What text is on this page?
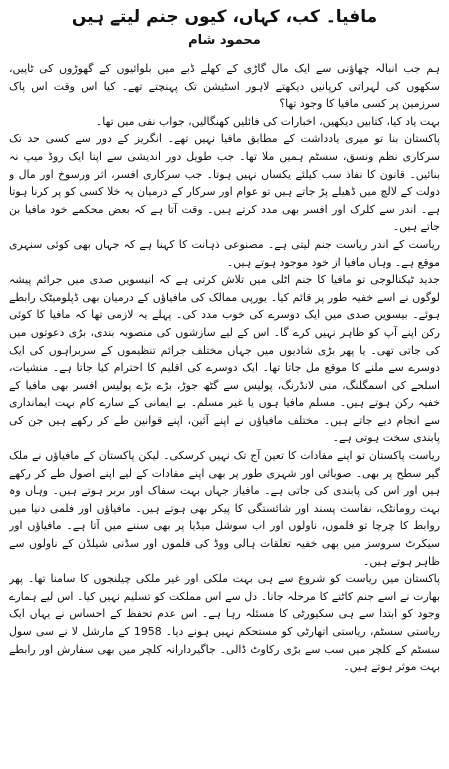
مافیا۔ کب، کہاں، کیوں جنم لیتے ہیں
محمود شام

ہم جب انبالہ چھاؤنی سے ایک مال گاڑی کے کھلے ڈبے میں بلوائیوں کے گھوڑوں کی ٹاپیں، سکھوں کی لہراتی کرپانیں دیکھتے لاہور اسٹیشن تک پہنچتے تھے۔ کیا اس وقت اس پاک سرزمین پر کسی مافیا کا وجود تھا؟

بہت یاد کیا، کتابیں دیکھیں، اخبارات کی فائلیں کھنگالیں، جواب نفی میں تھا۔

پاکستان بنا تو میری یادداشت کے مطابق مافیا نہیں تھے۔ انگریز کے دور سے کسی حد تک سرکاری نظم ونسق، سسٹم ہمیں ملا تھا۔ جب طویل دور اندیشی سے اپنا ایک روڈ میپ نہ بنائیں۔ قانون کا نفاذ سب کیلئے یکساں نہیں ہوتا۔ جب سرکاری افسر، اثر ورسوخ اور مال و دولت کے لالچ میں ڈھیلے پڑ جاتے ہیں تو عوام اور سرکار کے درمیان یہ خلا کسی کو پر کرنا ہوتا ہے۔ اندر سے کلرک اور افسر بھی مدد کرتے ہیں۔ وقت آتا ہے کہ بعض محکمے خود مافیا بن جاتے ہیں۔

ریاست کے اندر ریاست جنم لیتی ہے۔ مصنوعی ذہانت کا کہنا ہے کہ جہاں بھی کوئی سنہری موقع ہے۔ وہاں مافیا از خود موجود ہوتے ہیں۔

جدید ٹیکنالوجی تو مافیا کا جنم اٹلی میں تلاش کرتی ہے کہ انیسویں صدی میں جرائم پیشہ لوگوں نے اسے خفیہ طور پر قائم کیا۔ یورپی ممالک کی مافیاؤں کے درمیان بھی ڈپلومیٹک رابطے ہوئے۔ بیسویں صدی میں ایک دوسرے کی خوب مدد کی۔ پہلے یہ لازمی تھا کہ مافیا کا کوئی رکن اپنے آپ کو ظاہر نہیں کرے گا۔ اس کے لیے سازشوں کی منصوبہ بندی، بڑی دعوتوں میں کی جاتی تھی۔ یا پھر بڑی شادیوں میں جہاں مختلف جرائم تنظیموں کے سربراہوں کی ایک دوسرے سے ملنے کا موقع مل جاتا تھا۔ ایک دوسرے کی اقلیم کا احترام کیا جاتا ہے۔ منشیات، اسلحے کی اسمگلنگ، منی لانڈرنگ، پولیس سے گٹھ جوڑ، بڑے بڑے پولیس افسر بھی مافیا کے خفیہ رکن ہوتے ہیں۔ مسلم مافیا ہوں یا غیر مسلم۔ بے ایمانی کے سارے کام بہت ایمانداری سے انجام دیے جاتے ہیں۔ مختلف مافیاؤں نے اپنے آئین، اپنے قوانین طے کر رکھے ہیں جن کی پابندی سخت ہوتی ہے۔

ریاست پاکستان تو اپنے مفادات کا تعین آج تک نہیں کرسکی۔ لیکن پاکستان کے مافیاؤں نے ملک گیر سطح پر بھی۔ صوبائی اور شہری طور پر بھی اپنے مفادات کے لیے اپنے اصول طے کر رکھے ہیں اور اس کی پابندی کی جاتی ہے۔ مافیاز جہاں بہت سفاک اور بربر ہوتے ہیں۔ وہاں وہ بہت رومانٹک، نفاست پسند اور شائستگی کا پیکر بھی ہوتے ہیں۔ مافیاؤں اور فلمی دنیا میں روابط کا چرچا تو فلموں، ناولوں اور اب سوشل میڈیا پر بھی سننے میں آتا ہے۔ مافیاؤں اور سیکرٹ سروسز میں بھی خفیہ تعلقات ہالی ووڈ کی فلموں اور سڈنی شیلڈن کے ناولوں سے ظاہر ہوتے ہیں۔

پاکستان میں ریاست کو شروع سے ہی بہت ملکی اور غیر ملکی چیلنجوں کا سامنا تھا۔ پھر بھارت نے اسے جنم کاٹنے کا مرحلہ جانا۔ دل سے اس مملکت کو تسلیم نہیں کیا۔ اس لیے ہمارے وجود کو ابتدا سے ہی سکیورٹی کا مسئلہ رہا ہے۔ اس عدم تحفظ کے احساس نے یہاں ایک ریاستی سسٹم، ریاستی اتھارٹی کو مستحکم نہیں ہونے دیا۔ 1958 کے مارشل لا نے سی سول سسٹم کے کلچر میں سب سے بڑی رکاوٹ ڈالی۔ جاگیردارانہ کلچر میں بھی سفارش اور رابطے بہت موثر ہوتے ہیں۔
